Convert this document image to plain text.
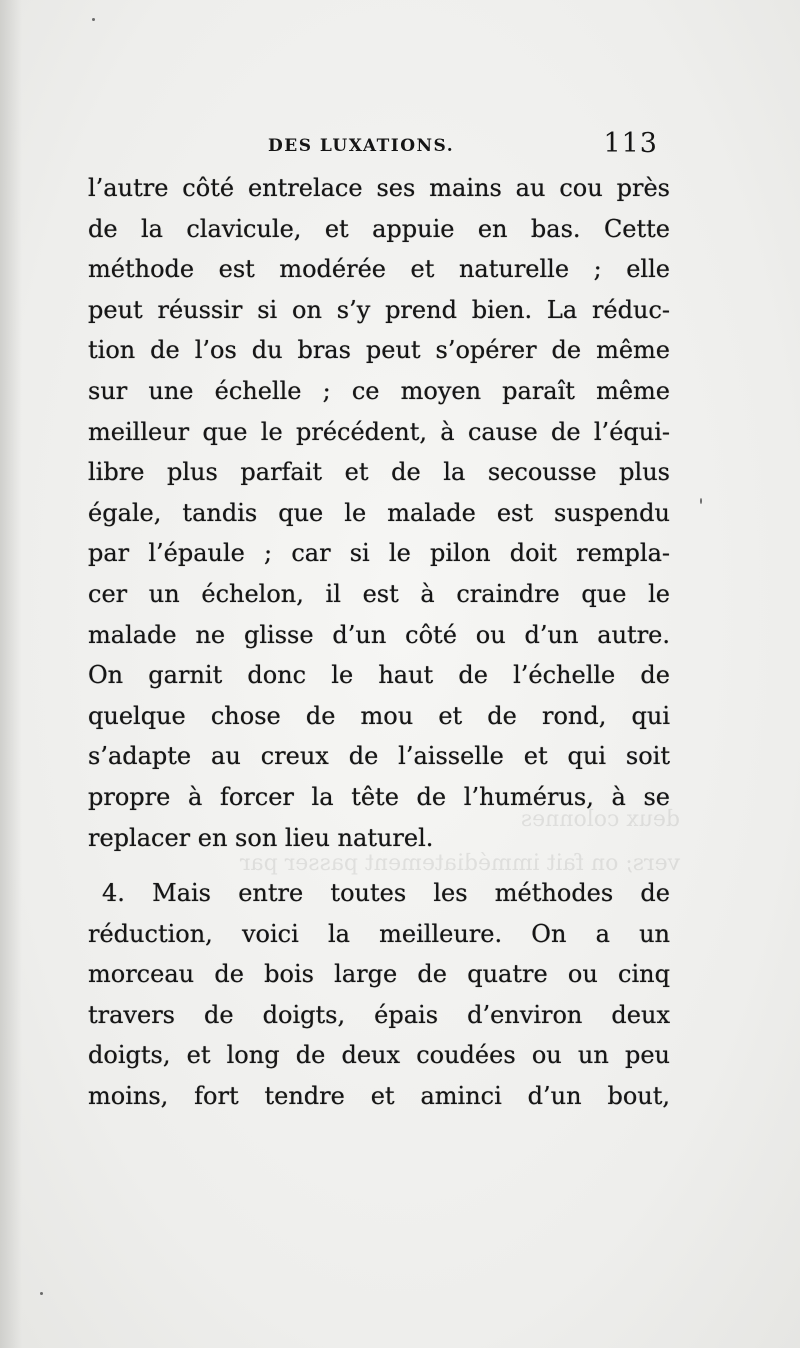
deux colonnes
vers; on fait immédiatement passer par
DES LUXATIONS.	113
l’autre côté entrelace ses mains au cou près
de la clavicule, et appuie en bas. Cette
méthode est modérée et naturelle ; elle
peut réussir si on s’y prend bien. La réduc-
tion de l’os du bras peut s’opérer de même
sur une échelle ; ce moyen paraît même
meilleur que le précédent, à cause de l’équi-
libre plus parfait et de la secousse plus
égale, tandis que le malade est suspendu
par l’épaule ; car si le pilon doit rempla-
cer un échelon, il est à craindre que le
malade ne glisse d’un côté ou d’un autre.
On garnit donc le haut de l’échelle de
quelque chose de mou et de rond, qui
s’adapte au creux de l’aisselle et qui soit
propre à forcer la tête de l’humérus, à se
replacer en son lieu naturel.
4. Mais entre toutes les méthodes de
réduction, voici la meilleure. On a un
morceau de bois large de quatre ou cinq
travers de doigts, épais d’environ deux
doigts, et long de deux coudées ou un peu
moins, fort tendre et aminci d’un bout,
